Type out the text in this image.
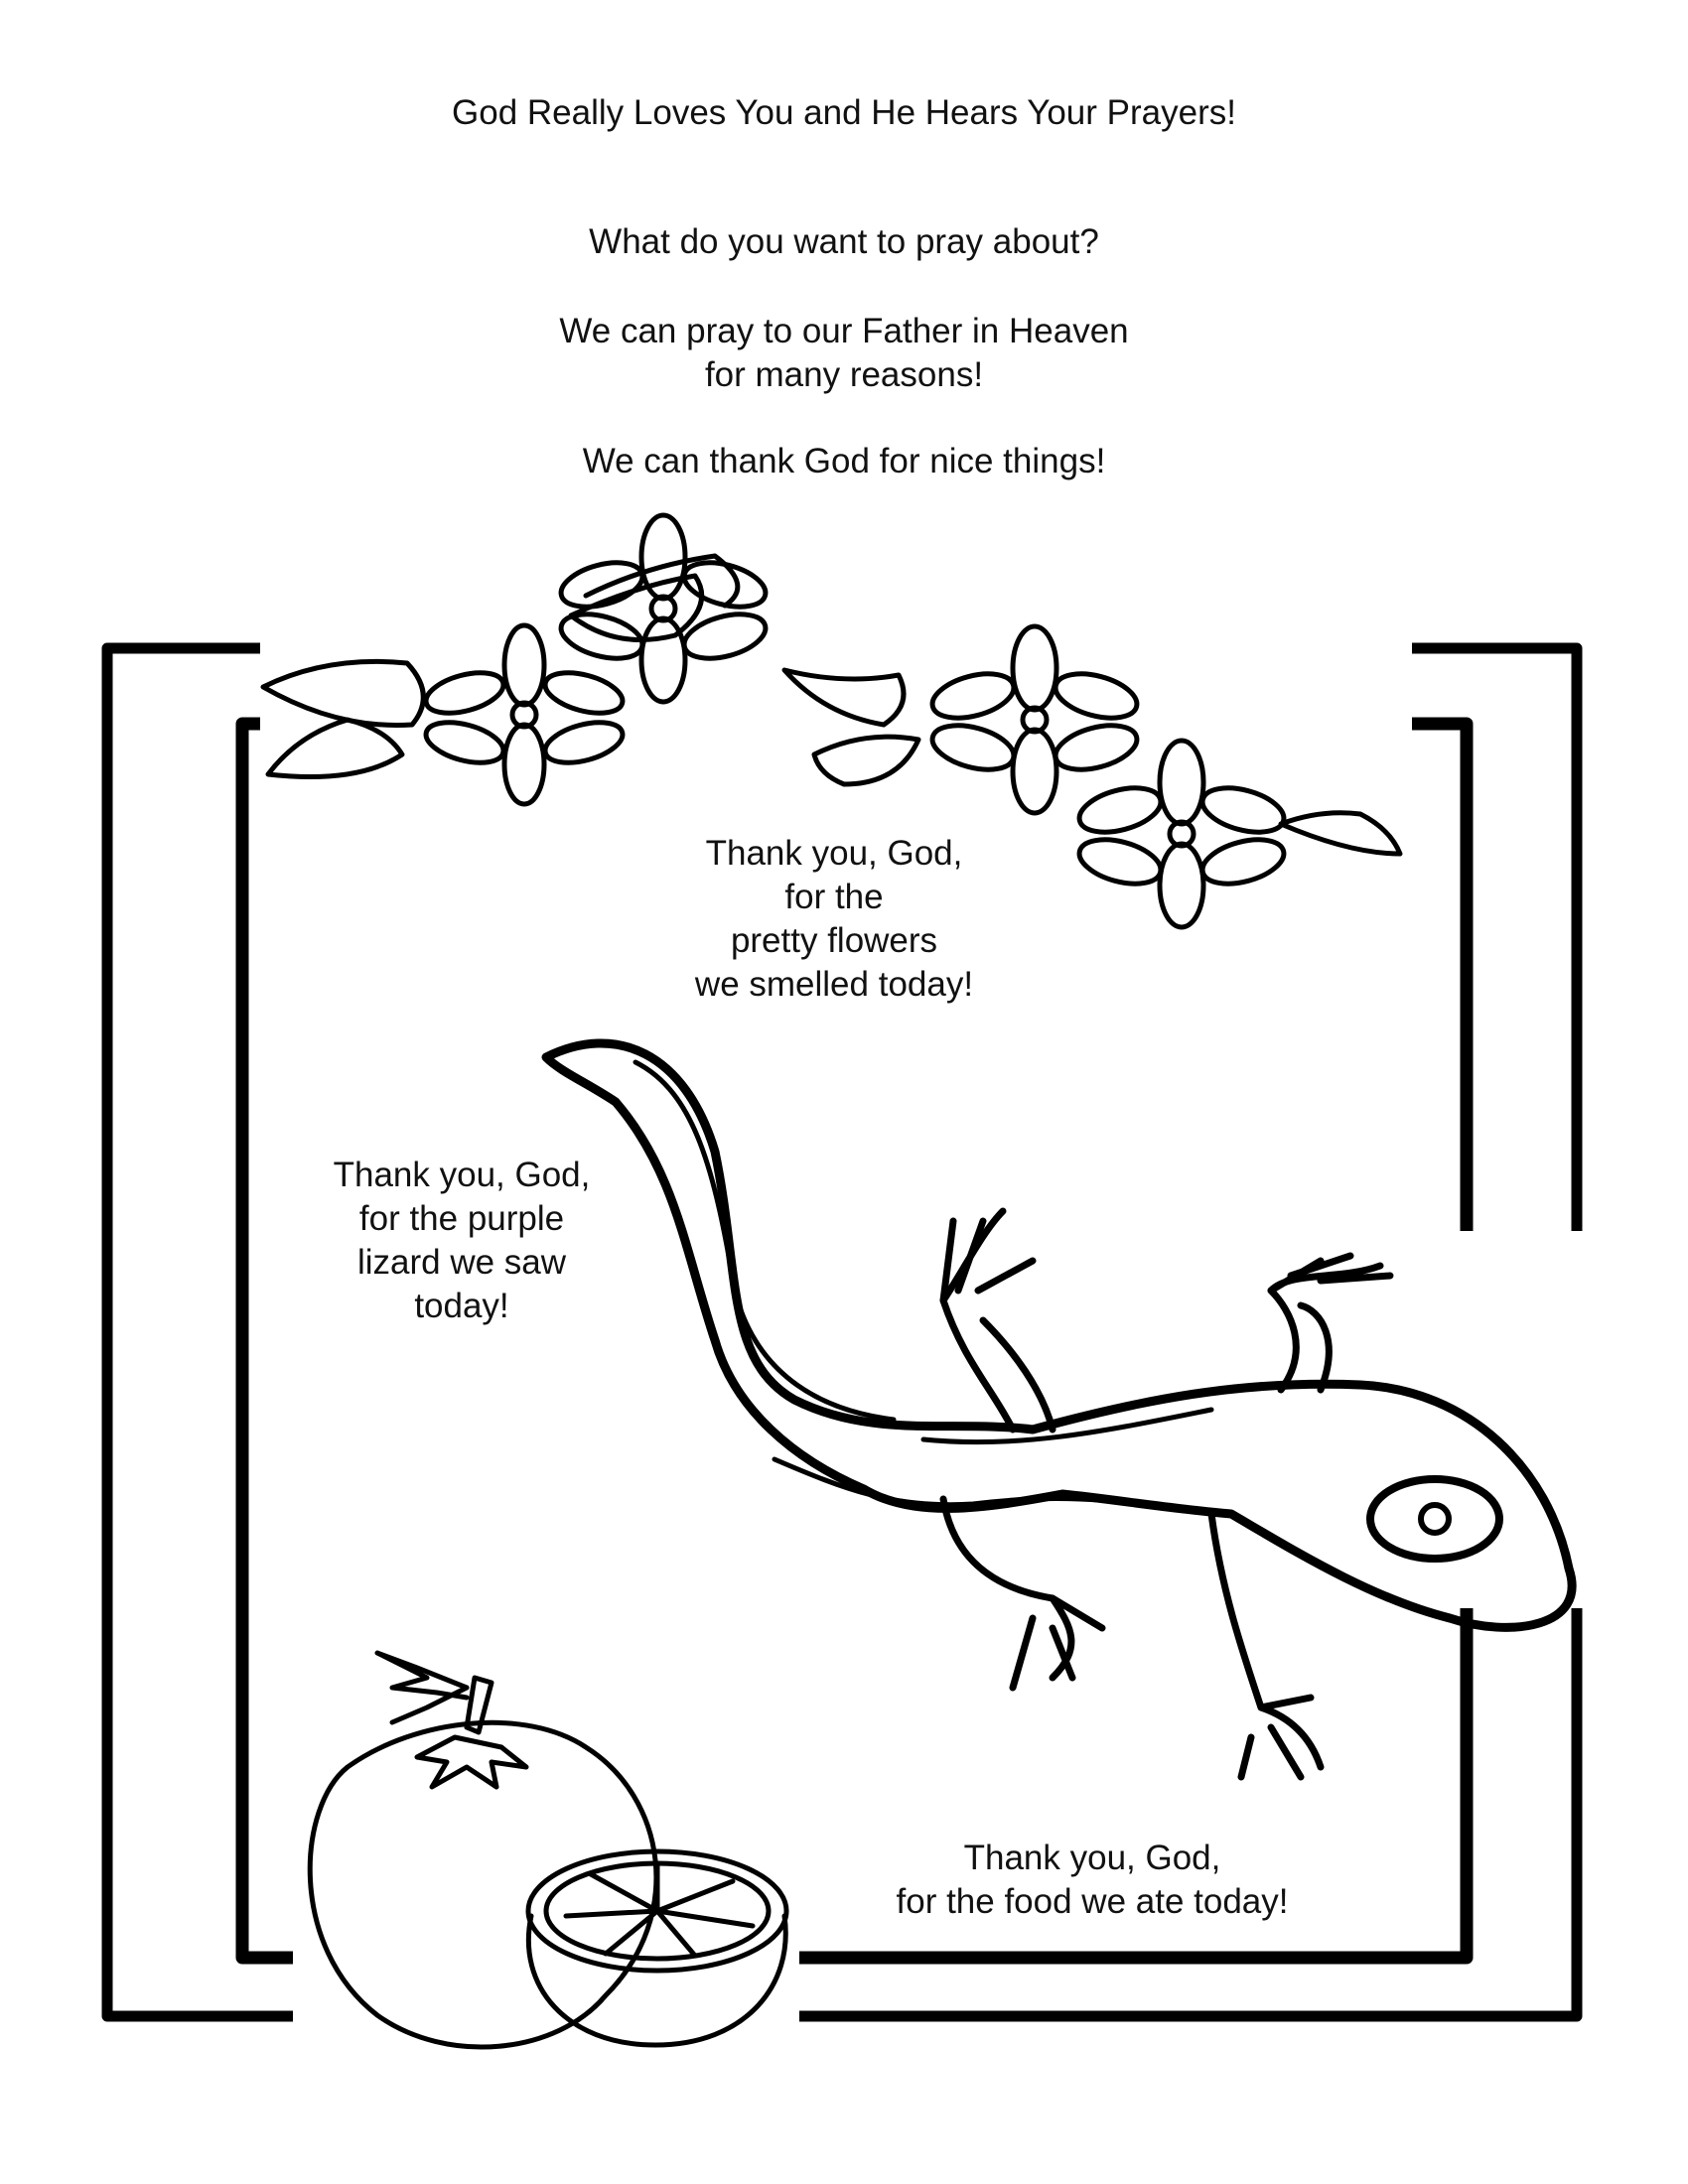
God Really Loves You and He Hears Your Prayers!
What do you want to pray about?
We can pray to our Father in Heaven
for many reasons!
We can thank God for nice things!
Thank you, God,
for the
pretty flowers
we smelled today!
Thank you, God,
for the purple
lizard we saw
today!
Thank you, God,
for the food we ate today!
